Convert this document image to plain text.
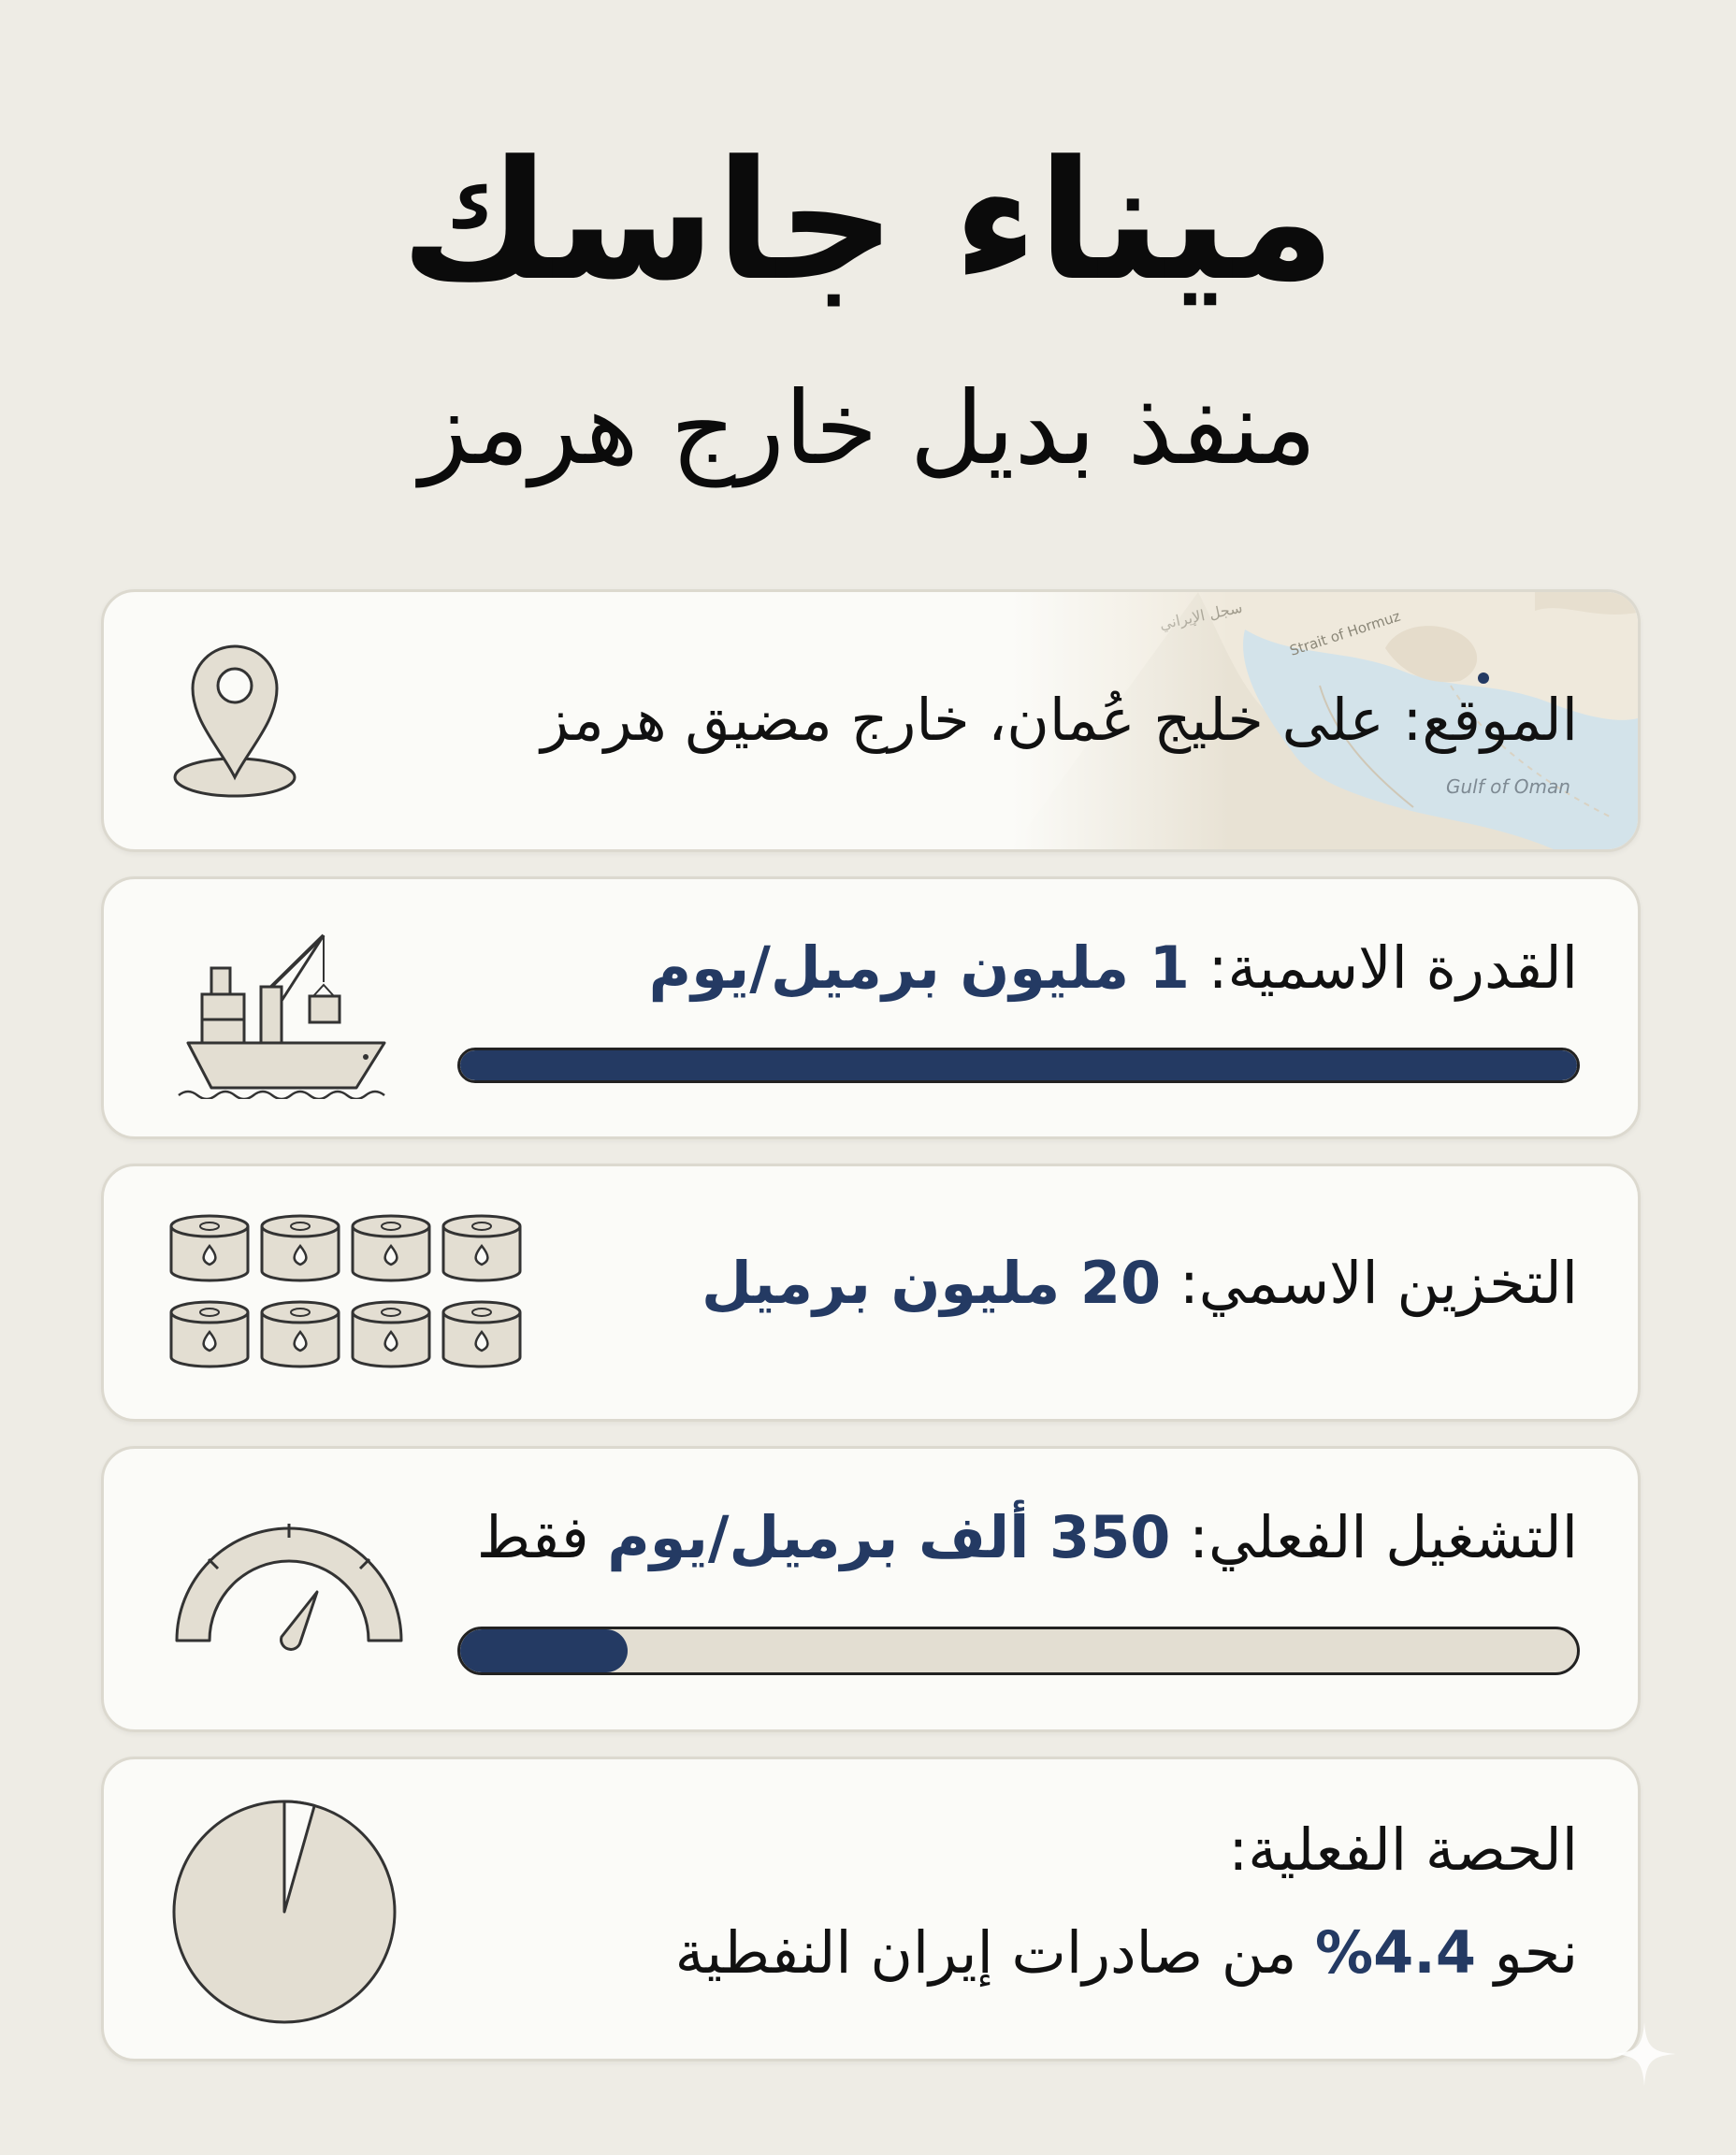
ميناء جاسك
منفذ بديل خارج هرمز
الموقع: على خليج عُمان، خارج مضيق هرمز
القدرة الاسمية: 1 مليون برميل/يوم
التخزين الاسمي: 20 مليون برميل
التشغيل الفعلي: 350 ألف برميل/يوم فقط
الحصة الفعلية:
نحو 4.4% من صادرات إيران النفطية
